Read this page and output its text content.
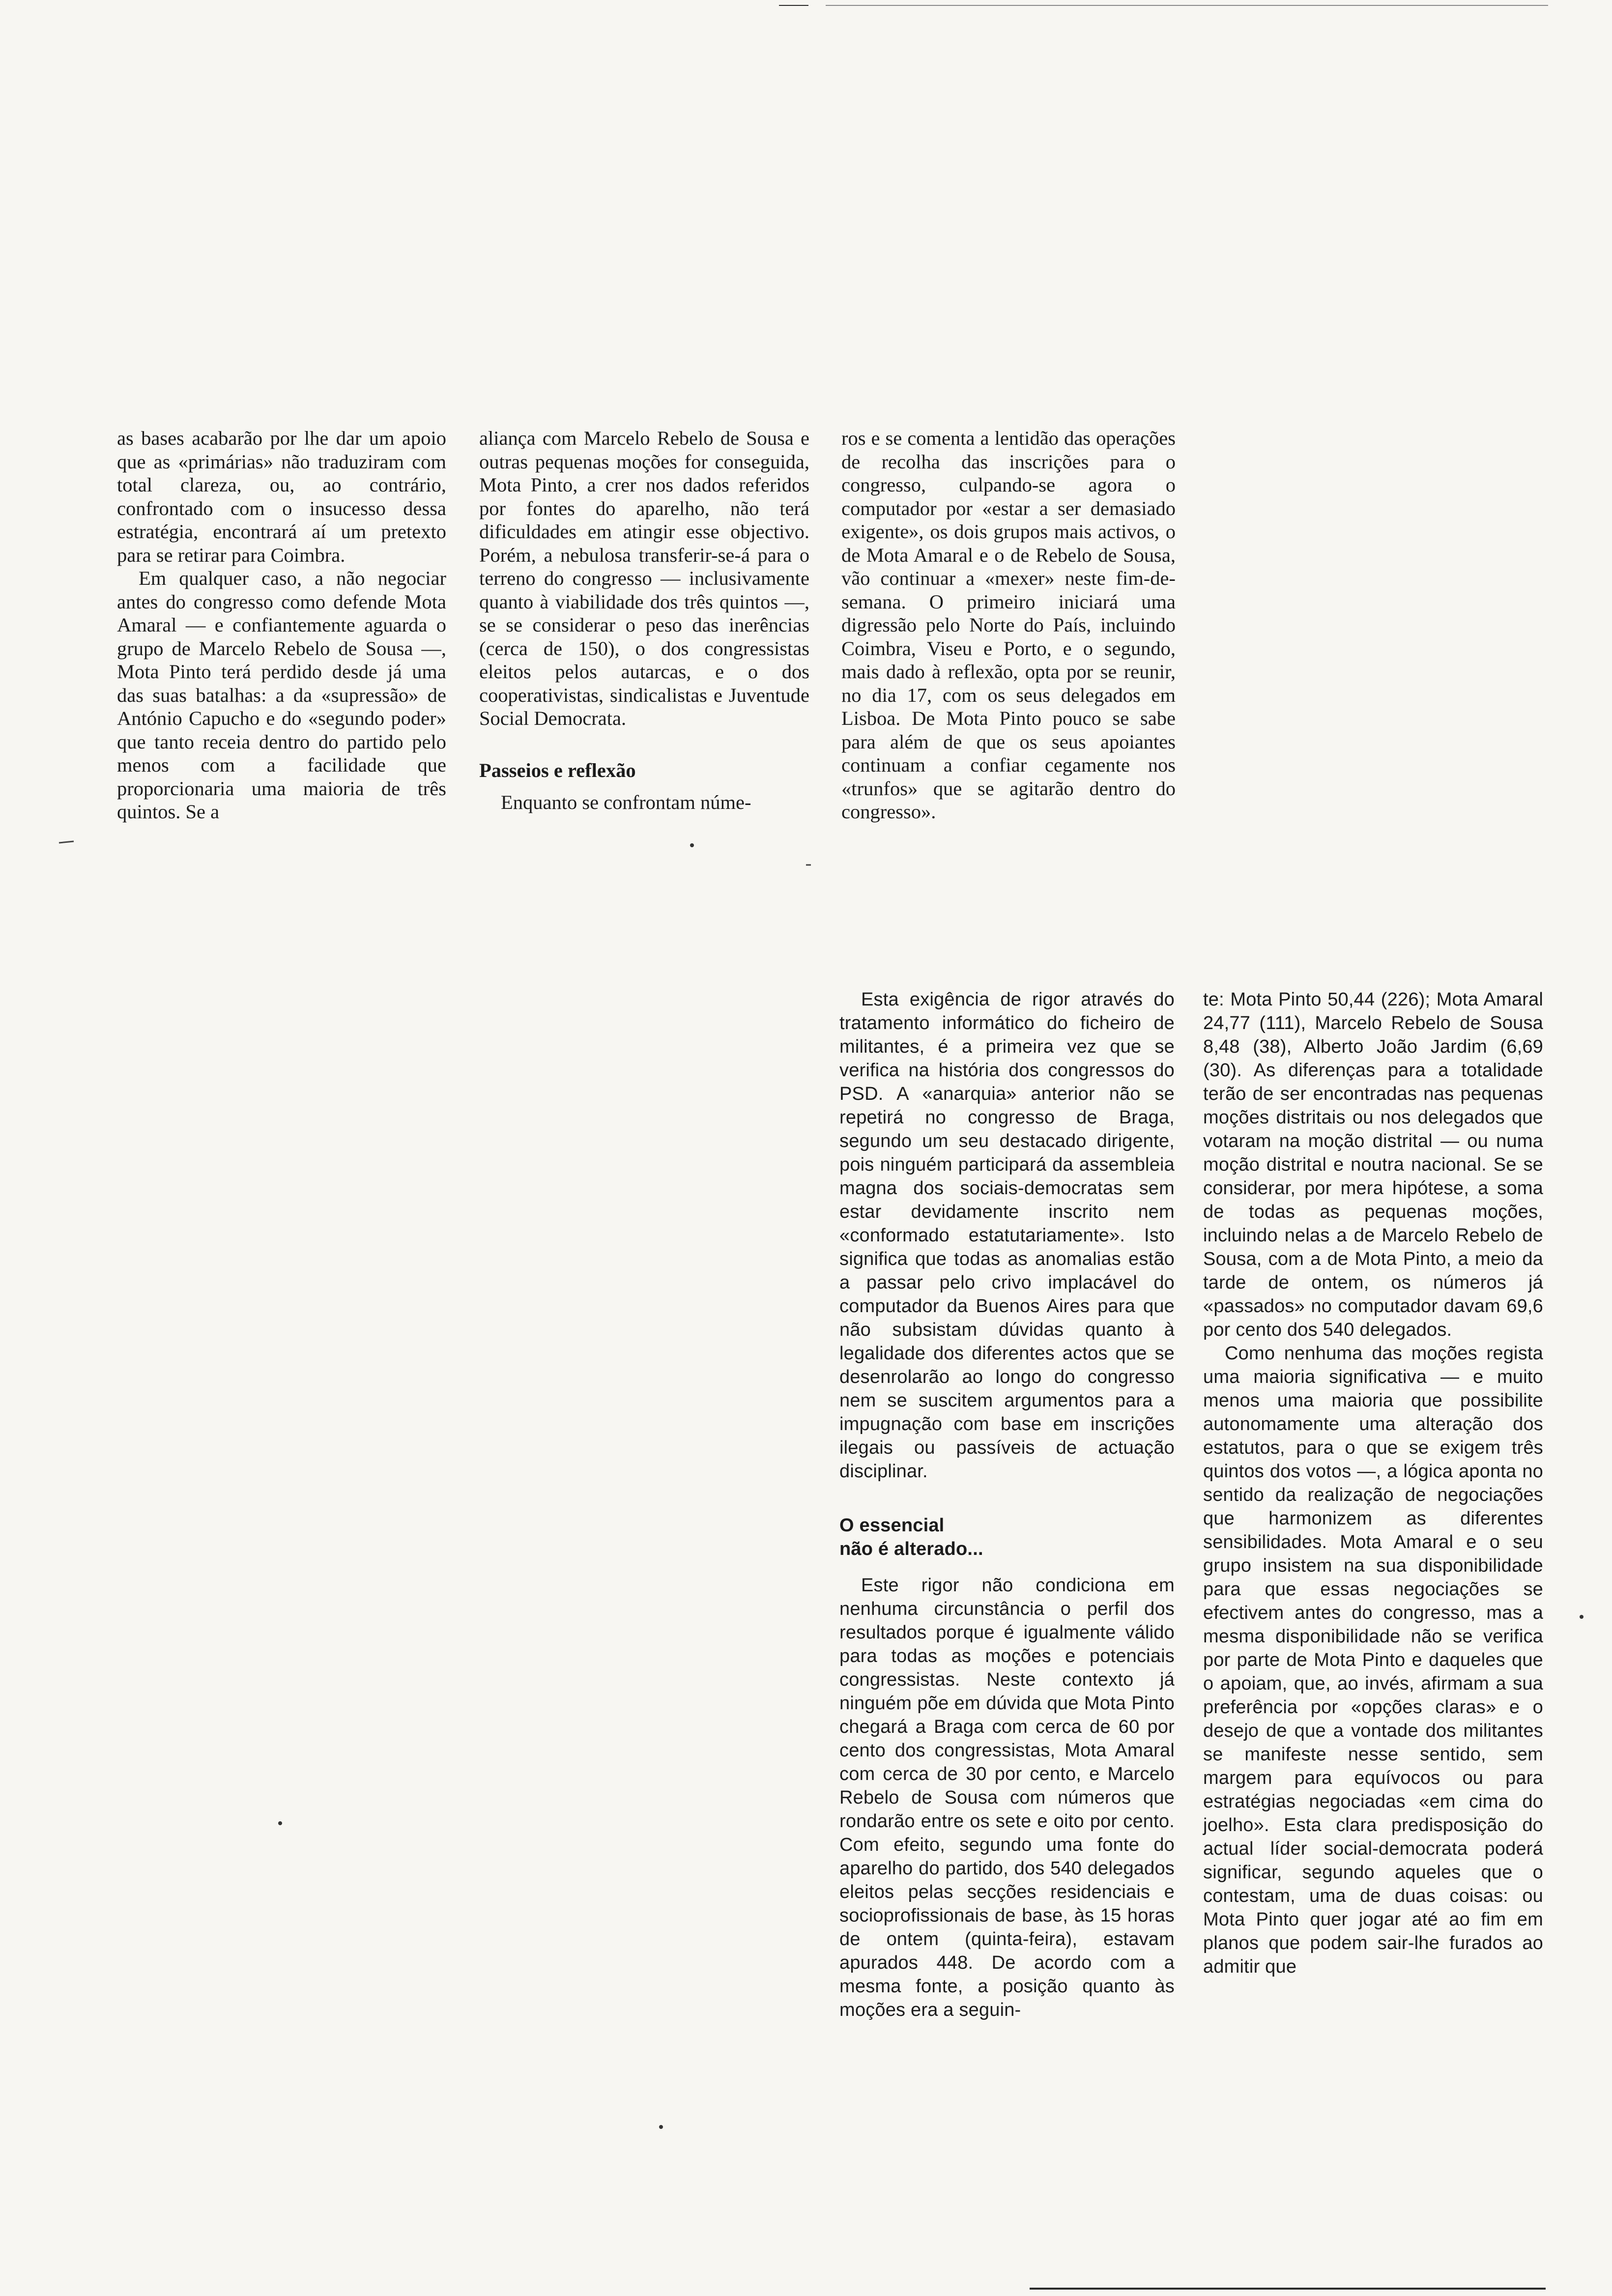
as bases acabarão por lhe dar um apoio que as «primárias» não traduziram com total clareza, ou, ao contrário, confrontado com o insucesso dessa estratégia, encontrará aí um pretexto para se retirar para Coimbra.

Em qualquer caso, a não negociar antes do congresso como defende Mota Amaral — e confiantemente aguarda o grupo de Marcelo Rebelo de Sousa —, Mota Pinto terá perdido desde já uma das suas batalhas: a da «supressão» de António Capucho e do «segundo poder» que tanto receia dentro do partido pelo menos com a facilidade que proporcionaria uma maioria de três quintos. Se a

aliança com Marcelo Rebelo de Sousa e outras pequenas moções for conseguida, Mota Pinto, a crer nos dados referidos por fontes do aparelho, não terá dificuldades em atingir esse objectivo. Porém, a nebulosa transferir-se-á para o terreno do congresso — inclusivamente quanto à viabilidade dos três quintos —, se se considerar o peso das inerências (cerca de 150), o dos congressistas eleitos pelos autarcas, e o dos cooperativistas, sindicalistas e Juventude Social Democrata.

Passeios e reflexão

Enquanto se confrontam núme-

ros e se comenta a lentidão das operações de recolha das inscrições para o congresso, culpando-se agora o computador por «estar a ser demasiado exigente», os dois grupos mais activos, o de Mota Amaral e o de Rebelo de Sousa, vão continuar a «mexer» neste fim-de-semana. O primeiro iniciará uma digressão pelo Norte do País, incluindo Coimbra, Viseu e Porto, e o segundo, mais dado à reflexão, opta por se reunir, no dia 17, com os seus delegados em Lisboa. De Mota Pinto pouco se sabe para além de que os seus apoiantes continuam a confiar cegamente nos «trunfos» que se agitarão dentro do congresso».

Esta exigência de rigor através do tratamento informático do ficheiro de militantes, é a primeira vez que se verifica na história dos congressos do PSD. A «anarquia» anterior não se repetirá no congresso de Braga, segundo um seu destacado dirigente, pois ninguém participará da assembleia magna dos sociais-democratas sem estar devidamente inscrito nem «conformado estatutariamente». Isto significa que todas as anomalias estão a passar pelo crivo implacável do computador da Buenos Aires para que não subsistam dúvidas quanto à legalidade dos diferentes actos que se desenrolarão ao longo do congresso nem se suscitem argumentos para a impugnação com base em inscrições ilegais ou passíveis de actuação disciplinar.

O essencial

não é alterado...

Este rigor não condiciona em nenhuma circunstância o perfil dos resultados porque é igualmente válido para todas as moções e potenciais congressistas. Neste contexto já ninguém põe em dúvida que Mota Pinto chegará a Braga com cerca de 60 por cento dos congressistas, Mota Amaral com cerca de 30 por cento, e Marcelo Rebelo de Sousa com números que rondarão entre os sete e oito por cento. Com efeito, segundo uma fonte do aparelho do partido, dos 540 delegados eleitos pelas secções residenciais e socioprofissionais de base, às 15 horas de ontem (quinta-feira), estavam apurados 448. De acordo com a mesma fonte, a posição quanto às moções era a seguin-

te: Mota Pinto 50,44 (226); Mota Amaral 24,77 (111), Marcelo Rebelo de Sousa 8,48 (38), Alberto João Jardim (6,69 (30). As diferenças para a totalidade terão de ser encontradas nas pequenas moções distritais ou nos delegados que votaram na moção distrital — ou numa moção distrital e noutra nacional. Se se considerar, por mera hipótese, a soma de todas as pequenas moções, incluindo nelas a de Marcelo Rebelo de Sousa, com a de Mota Pinto, a meio da tarde de ontem, os números já «passados» no computador davam 69,6 por cento dos 540 delegados.

Como nenhuma das moções regista uma maioria significativa — e muito menos uma maioria que possibilite autonomamente uma alteração dos estatutos, para o que se exigem três quintos dos votos —, a lógica aponta no sentido da realização de negociações que harmonizem as diferentes sensibilidades. Mota Amaral e o seu grupo insistem na sua disponibilidade para que essas negociações se efectivem antes do congresso, mas a mesma disponibilidade não se verifica por parte de Mota Pinto e daqueles que o apoiam, que, ao invés, afirmam a sua preferência por «opções claras» e o desejo de que a vontade dos militantes se manifeste nesse sentido, sem margem para equívocos ou para estratégias negociadas «em cima do joelho». Esta clara predisposição do actual líder social-democrata poderá significar, segundo aqueles que o contestam, uma de duas coisas: ou Mota Pinto quer jogar até ao fim em planos que podem sair-lhe furados ao admitir que
